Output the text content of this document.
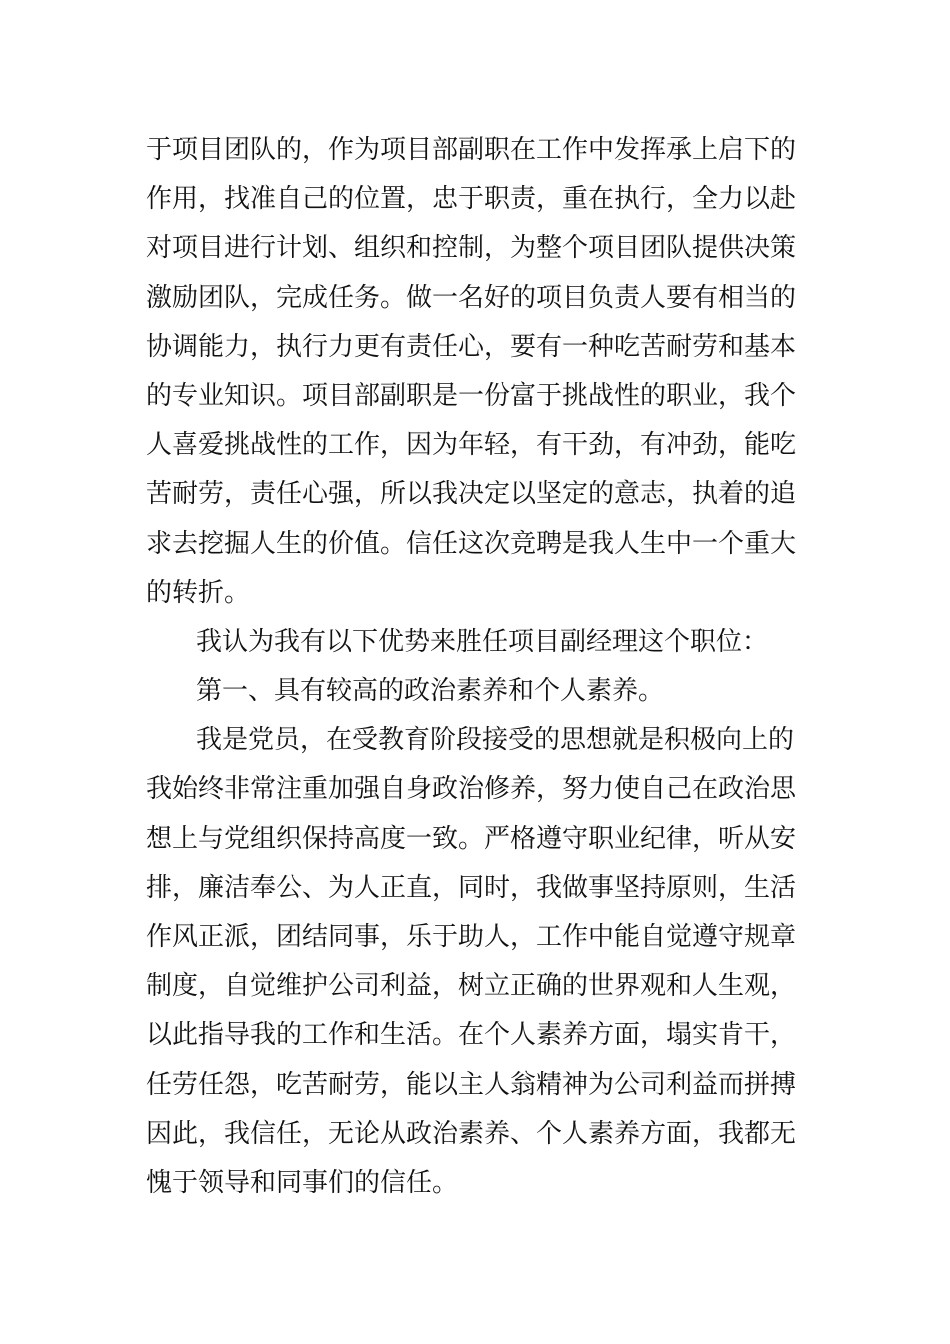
于项目团队的，作为项目部副职在工作中发挥承上启下的
作用，找准自己的位置，忠于职责，重在执行，全力以赴
对项目进行计划、组织和控制，为整个项目团队提供决策
激励团队，完成任务。做一名好的项目负责人要有相当的
协调能力，执行力更有责任心，要有一种吃苦耐劳和基本
的专业知识。项目部副职是一份富于挑战性的职业，我个
人喜爱挑战性的工作，因为年轻，有干劲，有冲劲，能吃
苦耐劳，责任心强，所以我决定以坚定的意志，执着的追
求去挖掘人生的价值。信任这次竞聘是我人生中一个重大
的转折。
我认为我有以下优势来胜任项目副经理这个职位：
第一、具有较高的政治素养和个人素养。
我是党员，在受教育阶段接受的思想就是积极向上的
我始终非常注重加强自身政治修养，努力使自己在政治思
想上与党组织保持高度一致。严格遵守职业纪律，听从安
排，廉洁奉公、为人正直，同时，我做事坚持原则，生活
作风正派，团结同事，乐于助人，工作中能自觉遵守规章
制度，自觉维护公司利益，树立正确的世界观和人生观，
以此指导我的工作和生活。在个人素养方面，塌实肯干，
任劳任怨，吃苦耐劳，能以主人翁精神为公司利益而拼搏
因此，我信任，无论从政治素养、个人素养方面，我都无
愧于领导和同事们的信任。
